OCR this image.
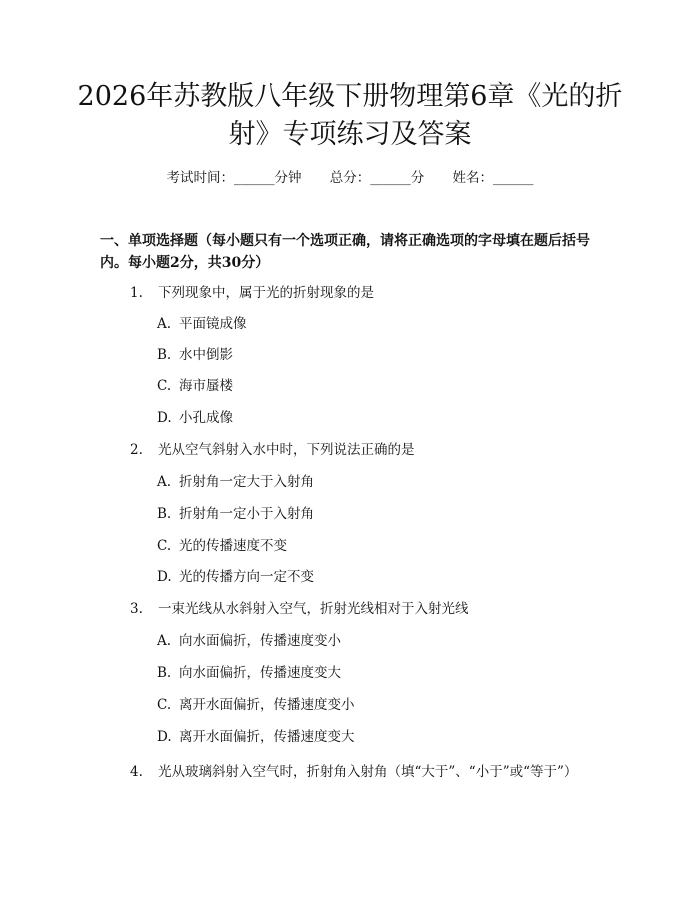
2026年苏教版八年级下册物理第6章《光的折射》专项练习及答案
考试时间：______分钟 总分：______分 姓名：______
一、单项选择题（每小题只有一个选项正确，请将正确选项的字母填在题后括号内。每小题2分，共30分）
1. 下列现象中，属于光的折射现象的是
A. 平面镜成像
B. 水中倒影
C. 海市蜃楼
D. 小孔成像
2. 光从空气斜射入水中时，下列说法正确的是
A. 折射角一定大于入射角
B. 折射角一定小于入射角
C. 光的传播速度不变
D. 光的传播方向一定不变
3. 一束光线从水斜射入空气，折射光线相对于入射光线
A. 向水面偏折，传播速度变小
B. 向水面偏折，传播速度变大
C. 离开水面偏折，传播速度变小
D. 离开水面偏折，传播速度变大
4. 光从玻璃斜射入空气时，折射角入射角（填“大于”、“小于”或“等于”）
